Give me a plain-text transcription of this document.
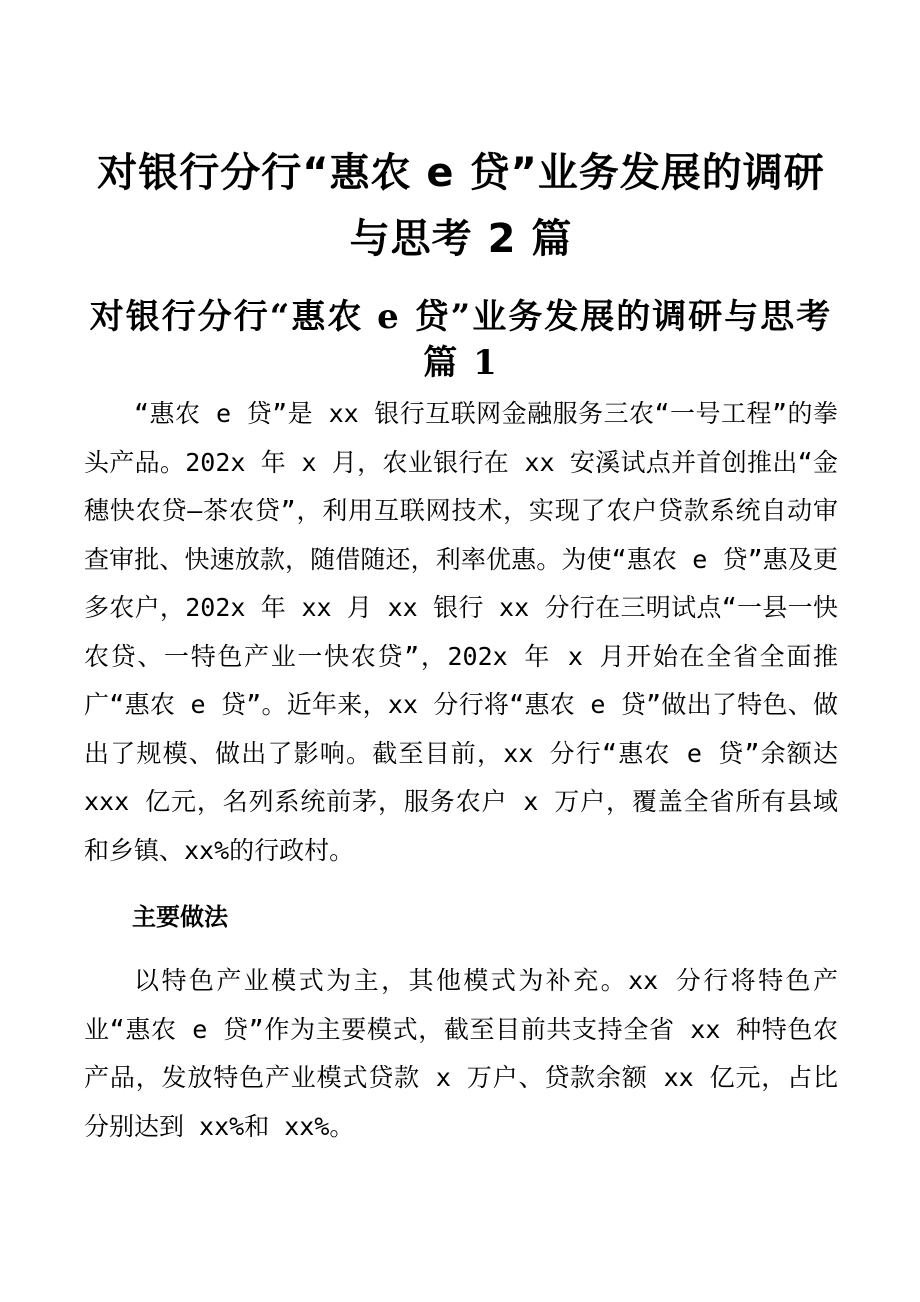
对银行分行“惠农 e 贷”业务发展的调研与思考 2 篇
对银行分行“惠农 e 贷”业务发展的调研与思考篇 1

“惠农 e 贷”是 xx 银行互联网金融服务三农“一号工程”的拳头产品。202x 年 x 月，农业银行在 xx 安溪试点并首创推出“金穗快农贷—茶农贷”，利用互联网技术，实现了农户贷款系统自动审查审批、快速放款，随借随还，利率优惠。为使“惠农 e 贷”惠及更多农户，202x 年 xx 月 xx 银行 xx 分行在三明试点“一县一快农贷、一特色产业一快农贷”，202x 年 x 月开始在全省全面推广“惠农 e 贷”。近年来，xx 分行将“惠农 e 贷”做出了特色、做出了规模、做出了影响。截至目前，xx 分行“惠农 e 贷”余额达 xxx 亿元，名列系统前茅，服务农户 x 万户，覆盖全省所有县域和乡镇、xx%的行政村。

主要做法

以特色产业模式为主，其他模式为补充。xx 分行将特色产业“惠农 e 贷”作为主要模式，截至目前共支持全省 xx 种特色农产品，发放特色产业模式贷款 x 万户、贷款余额 xx 亿元，占比分别达到 xx%和 xx%。
